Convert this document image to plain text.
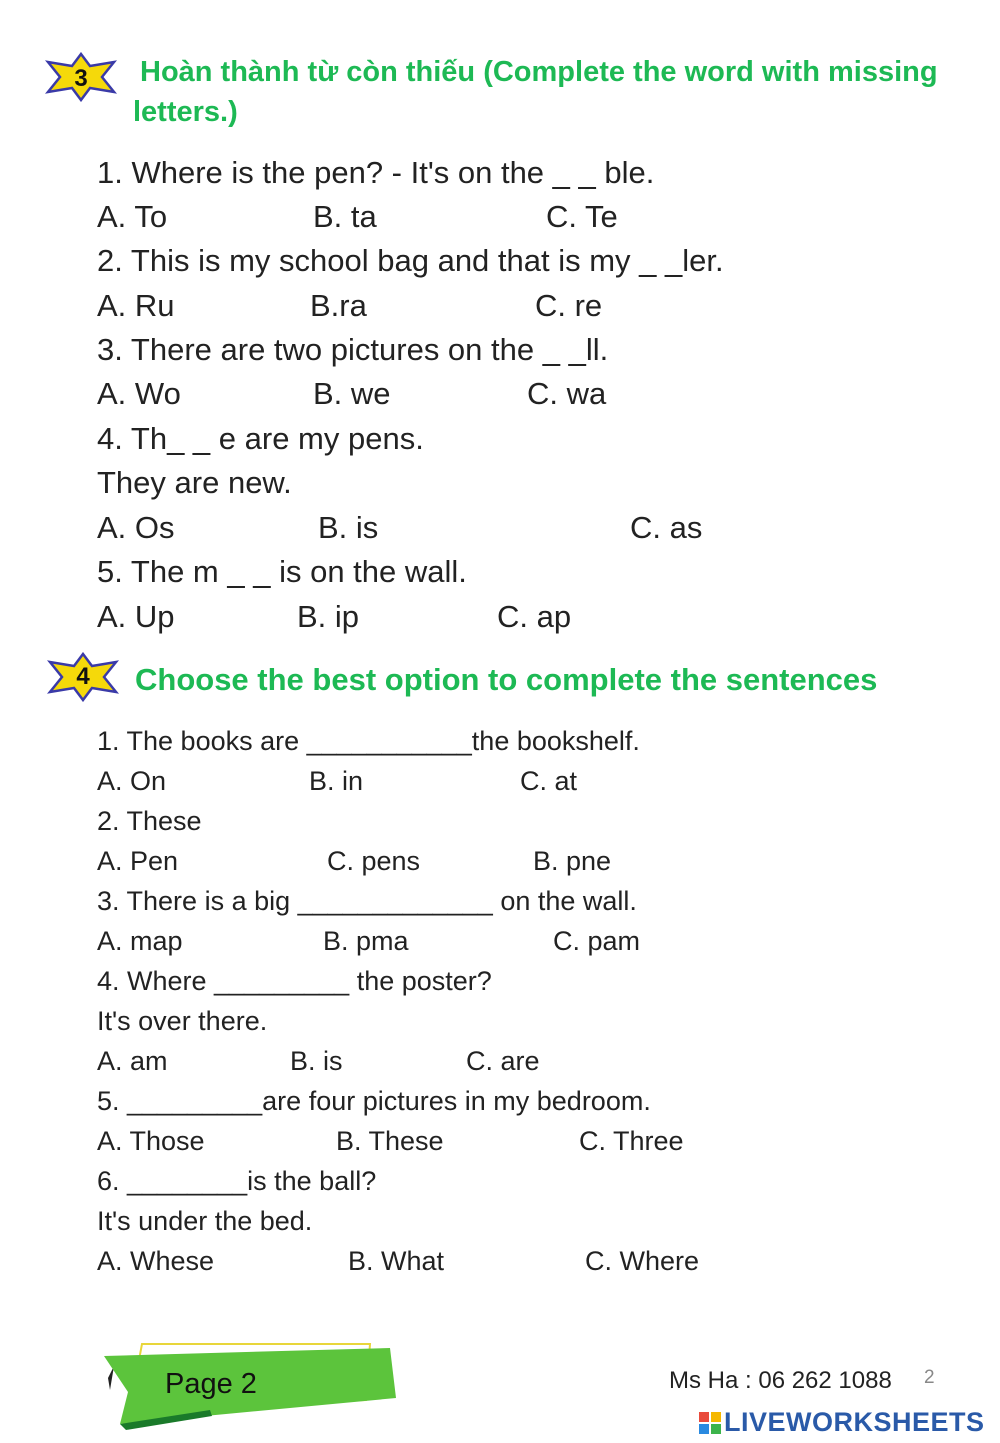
3 Hoàn thành từ còn thiếu (Complete the word with missing
letters.)
1. Where is the pen? - It's on the _ _ ble.
A. To	B. ta	C. Te
2. This is my school bag and that is my _ _ler.
A. Ru	B.ra	C. re
3. There are two pictures on the _ _ll.
A. Wo	B. we	C. wa
4. Th_ _ e are my pens.
They are new.
A. Os	B. is	C. as
5. The m _ _ is on the wall.
A. Up	B. ip	C. ap
4 Choose the best option to complete the sentences
1. The books are ___________the bookshelf.
A. On	B. in	C. at
2. These
A. Pen	C. pens	B. pne
3. There is a big _____________ on the wall.
A. map	B. pma	C. pam
4. Where _________ the poster?
It's over there.
A. am	B. is	C. are
5. _________are four pictures in my bedroom.
A. Those	B. These	C. Three
6. ________is the ball?
It's under the bed.
A. Whese	B. What	C. Where
Page 2	Ms Ha : 06 262 1088 2
LIVEWORKSHEETS
